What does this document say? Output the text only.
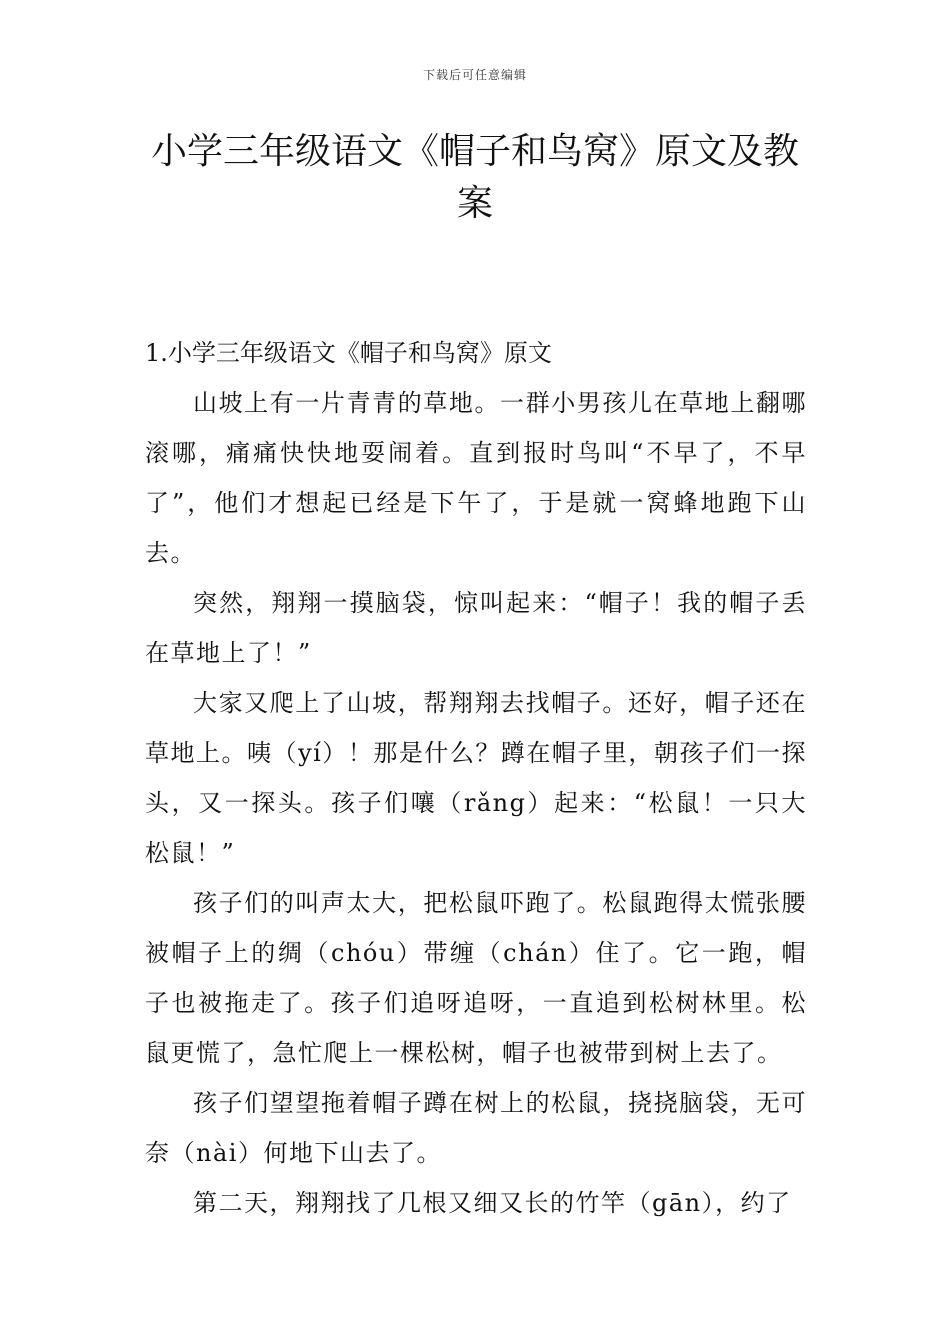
下载后可任意编辑
小学三年级语文《帽子和鸟窝》原文及教案
1.小学三年级语文《帽子和鸟窝》原文

山坡上有一片青青的草地。一群小男孩儿在草地上翻哪滚哪，痛痛快快地耍闹着。直到报时鸟叫“不早了，不早了”，他们才想起已经是下午了，于是就一窝蜂地跑下山去。

突然，翔翔一摸脑袋，惊叫起来：“帽子！我的帽子丢在草地上了！”

大家又爬上了山坡，帮翔翔去找帽子。还好，帽子还在草地上。咦（yí）！那是什么？蹲在帽子里，朝孩子们一探头，又一探头。孩子们嚷（rǎng）起来：“松鼠！一只大松鼠！”

孩子们的叫声太大，把松鼠吓跑了。松鼠跑得太慌张腰被帽子上的绸（chóu）带缠（chán）住了。它一跑，帽子也被拖走了。孩子们追呀追呀，一直追到松树林里。松鼠更慌了，急忙爬上一棵松树，帽子也被带到树上去了。

孩子们望望拖着帽子蹲在树上的松鼠，挠挠脑袋，无可奈（nài）何地下山去了。

第二天，翔翔找了几根又细又长的竹竿（gān），约了
